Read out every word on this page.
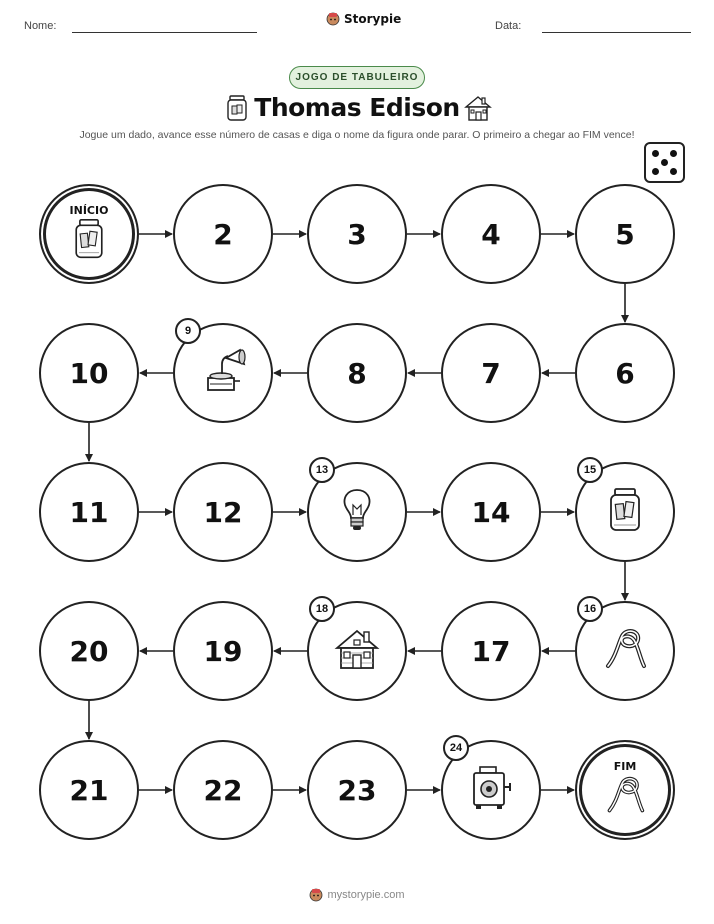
Nome:	Data:
Storypie
JOGO DE TABULEIRO
Thomas Edison
Jogue um dado, avance esse número de casas e diga o nome da figura onde parar. O primeiro a chegar ao FIM vence!
INÍCIO
2	3	4	5
6
7
8
9
10
11	12
13
14
15
16
17
18
19
20
21	22	23
24
FIM
mystorypie.com
